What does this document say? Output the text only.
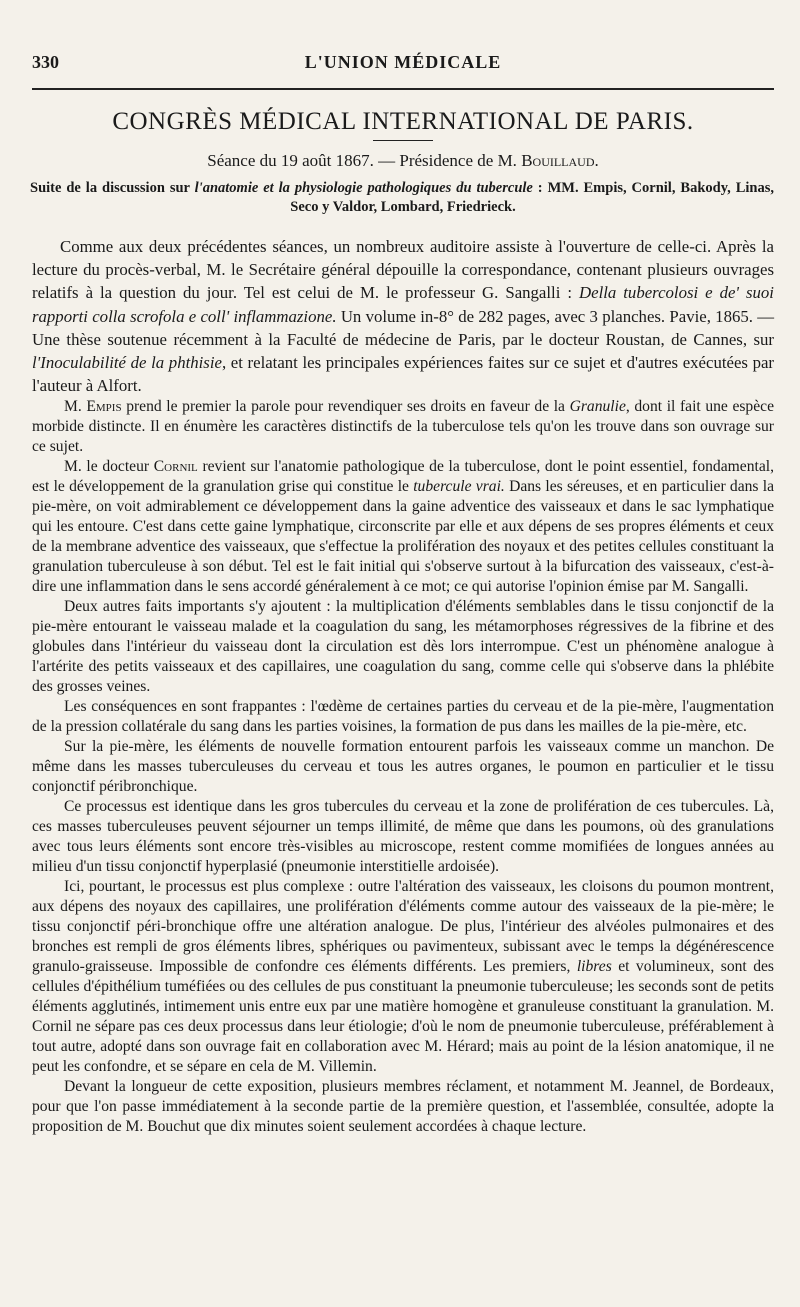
330	L'UNION MÉDICALE
CONGRÈS MÉDICAL INTERNATIONAL DE PARIS.
Séance du 19 août 1867. — Présidence de M. Bouillaud.
Suite de la discussion sur l'anatomie et la physiologie pathologiques du tubercule : MM. Empis, Cornil, Bakody, Linas, Seco y Valdor, Lombard, Friedrieck.

Comme aux deux précédentes séances, un nombreux auditoire assiste à l'ouverture de celle-ci. Après la lecture du procès-verbal, M. le Secrétaire général dépouille la correspondance, contenant plusieurs ouvrages relatifs à la question du jour. Tel est celui de M. le professeur G. Sangalli : Della tubercolosi e de' suoi rapporti colla scrofola e coll' inflammazione. Un volume in-8° de 282 pages, avec 3 planches. Pavie, 1865. — Une thèse soutenue récemment à la Faculté de médecine de Paris, par le docteur Roustan, de Cannes, sur l'Inoculabilité de la phthisie, et relatant les principales expériences faites sur ce sujet et d'autres exécutées par l'auteur à Alfort.

M. Empis prend le premier la parole pour revendiquer ses droits en faveur de la Granulie, dont il fait une espèce morbide distincte. Il en énumère les caractères distinctifs de la tuberculose tels qu'on les trouve dans son ouvrage sur ce sujet.

M. le docteur Cornil revient sur l'anatomie pathologique de la tuberculose, dont le point essentiel, fondamental, est le développement de la granulation grise qui constitue le tubercule vrai. Dans les séreuses, et en particulier dans la pie-mère, on voit admirablement ce développement dans la gaine adventice des vaisseaux et dans le sac lymphatique qui les entoure. C'est dans cette gaine lymphatique, circonscrite par elle et aux dépens de ses propres éléments et ceux de la membrane adventice des vaisseaux, que s'effectue la prolifération des noyaux et des petites cellules constituant la granulation tuberculeuse à son début. Tel est le fait initial qui s'observe surtout à la bifurcation des vaisseaux, c'est-à-dire une inflammation dans le sens accordé généralement à ce mot; ce qui autorise l'opinion émise par M. Sangalli.

Deux autres faits importants s'y ajoutent : la multiplication d'éléments semblables dans le tissu conjonctif de la pie-mère entourant le vaisseau malade et la coagulation du sang, les métamorphoses régressives de la fibrine et des globules dans l'intérieur du vaisseau dont la circulation est dès lors interrompue. C'est un phénomène analogue à l'artérite des petits vaisseaux et des capillaires, une coagulation du sang, comme celle qui s'observe dans la phlébite des grosses veines.

Les conséquences en sont frappantes : l'œdème de certaines parties du cerveau et de la pie-mère, l'augmentation de la pression collatérale du sang dans les parties voisines, la formation de pus dans les mailles de la pie-mère, etc.

Sur la pie-mère, les éléments de nouvelle formation entourent parfois les vaisseaux comme un manchon. De même dans les masses tuberculeuses du cerveau et tous les autres organes, le poumon en particulier et le tissu conjonctif péribronchique.

Ce processus est identique dans les gros tubercules du cerveau et la zone de prolifération de ces tubercules. Là, ces masses tuberculeuses peuvent séjourner un temps illimité, de même que dans les poumons, où des granulations avec tous leurs éléments sont encore très-visibles au microscope, restent comme momifiées de longues années au milieu d'un tissu conjonctif hyperplasié (pneumonie interstitielle ardoisée).

Ici, pourtant, le processus est plus complexe : outre l'altération des vaisseaux, les cloisons du poumon montrent, aux dépens des noyaux des capillaires, une prolifération d'éléments comme autour des vaisseaux de la pie-mère; le tissu conjonctif péri-bronchique offre une altération analogue. De plus, l'intérieur des alvéoles pulmonaires et des bronches est rempli de gros éléments libres, sphériques ou pavimenteux, subissant avec le temps la dégénérescence granulo-graisseuse. Impossible de confondre ces éléments différents. Les premiers, libres et volumineux, sont des cellules d'épithélium tuméfiées ou des cellules de pus constituant la pneumonie tuberculeuse; les seconds sont de petits éléments agglutinés, intimement unis entre eux par une matière homogène et granuleuse constituant la granulation. M. Cornil ne sépare pas ces deux processus dans leur étiologie; d'où le nom de pneumonie tuberculeuse, préférablement à tout autre, adopté dans son ouvrage fait en collaboration avec M. Hérard; mais au point de la lésion anatomique, il ne peut les confondre, et se sépare en cela de M. Villemin.

Devant la longueur de cette exposition, plusieurs membres réclament, et notamment M. Jeannel, de Bordeaux, pour que l'on passe immédiatement à la seconde partie de la première question, et l'assemblée, consultée, adopte la proposition de M. Bouchut que dix minutes soient seulement accordées à chaque lecture.
